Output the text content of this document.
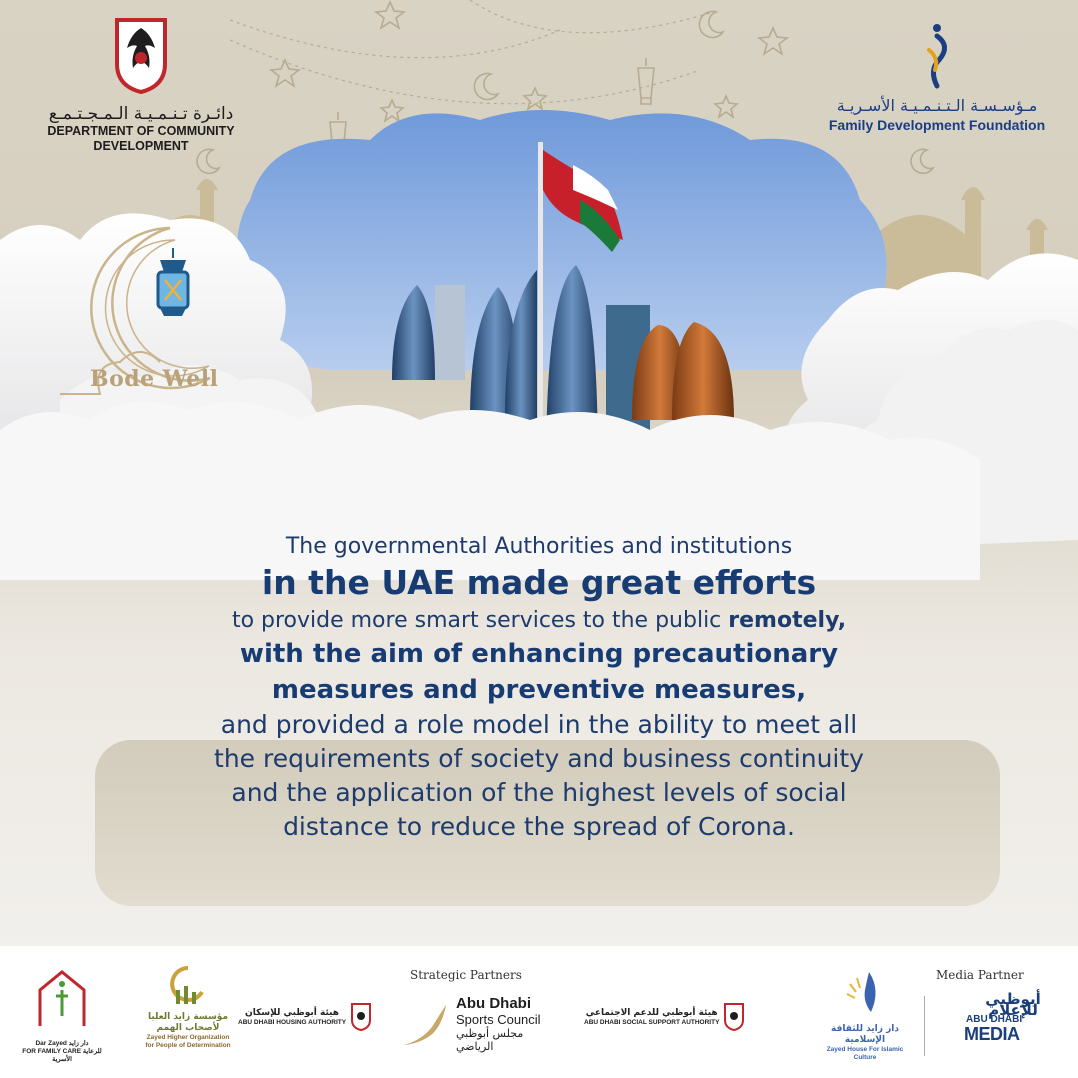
دائـرة تـنـمـيـة الـمـجـتـمـع
DEPARTMENT OF COMMUNITY
DEVELOPMENT
مـؤسـسـة الـتـنـمـيـة الأسـريـة
Family Development Foundation
Bode Well
The governmental Authorities and institutions
in the UAE made great efforts
to provide more smart services to the public remotely,
with the aim of enhancing precautionary
measures and preventive measures,
and provided a role model in the ability to meet all
the requirements of society and business continuity
and the application of the highest levels of social
distance to reduce the spread of Corona.
Strategic Partners	Media Partner
Dar Zayed دار زايد
FOR FAMILY CARE للرعاية الأسرية
مؤسسة زايد العليا
لأصحاب الهمم
Zayed Higher Organization
for People of Determination
هيئة أبوظبي للإسكان
ABU DHABI HOUSING AUTHORITY
Abu Dhabi
Sports Council
مجلس أبوظبي الرياضي
هيئة أبوظبي للدعم الاجتماعي
ABU DHABI SOCIAL SUPPORT AUTHORITY
دار زايد للثقافة الإسلامية
Zayed House For Islamic Culture
أبوظبي للإعلام
ABU DHABI
MEDIA
